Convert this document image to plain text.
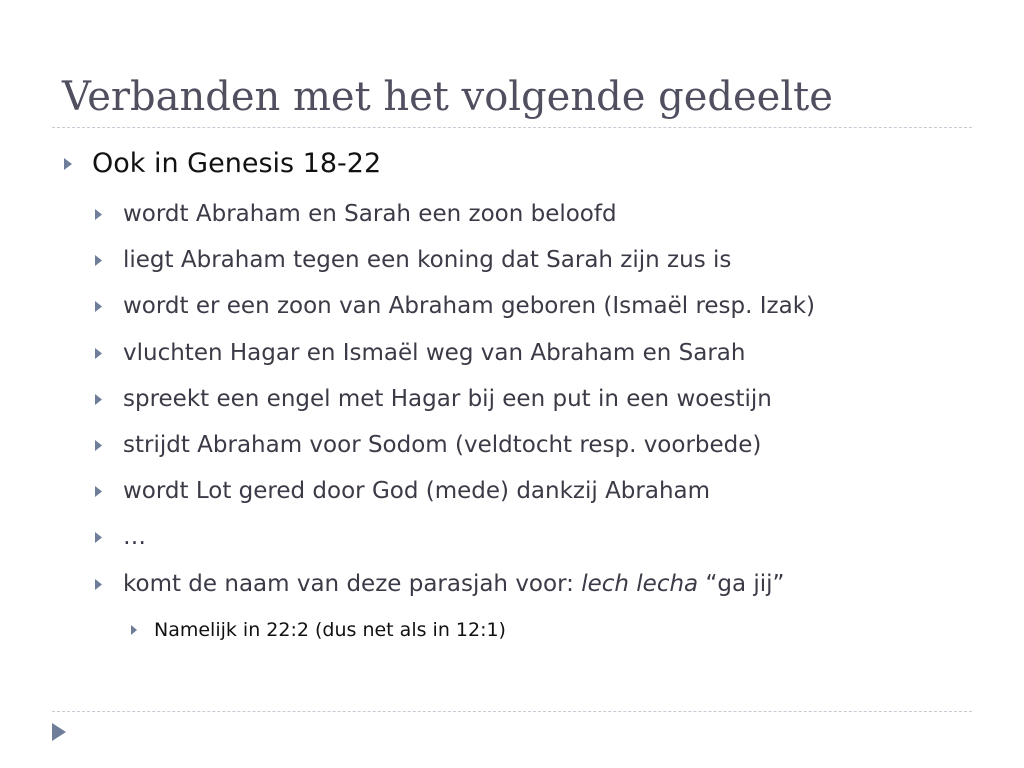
Verbanden met het volgende gedeelte
Ook in Genesis 18-22
wordt Abraham en Sarah een zoon beloofd
liegt Abraham tegen een koning dat Sarah zijn zus is
wordt er een zoon van Abraham geboren (Ismaël resp. Izak)
vluchten Hagar en Ismaël weg van Abraham en Sarah
spreekt een engel met Hagar bij een put in een woestijn
strijdt Abraham voor Sodom (veldtocht resp. voorbede)
wordt Lot gered door God (mede) dankzij Abraham
…
komt de naam van deze parasjah voor: lech lecha “ga jij”
Namelijk in 22:2 (dus net als in 12:1)
